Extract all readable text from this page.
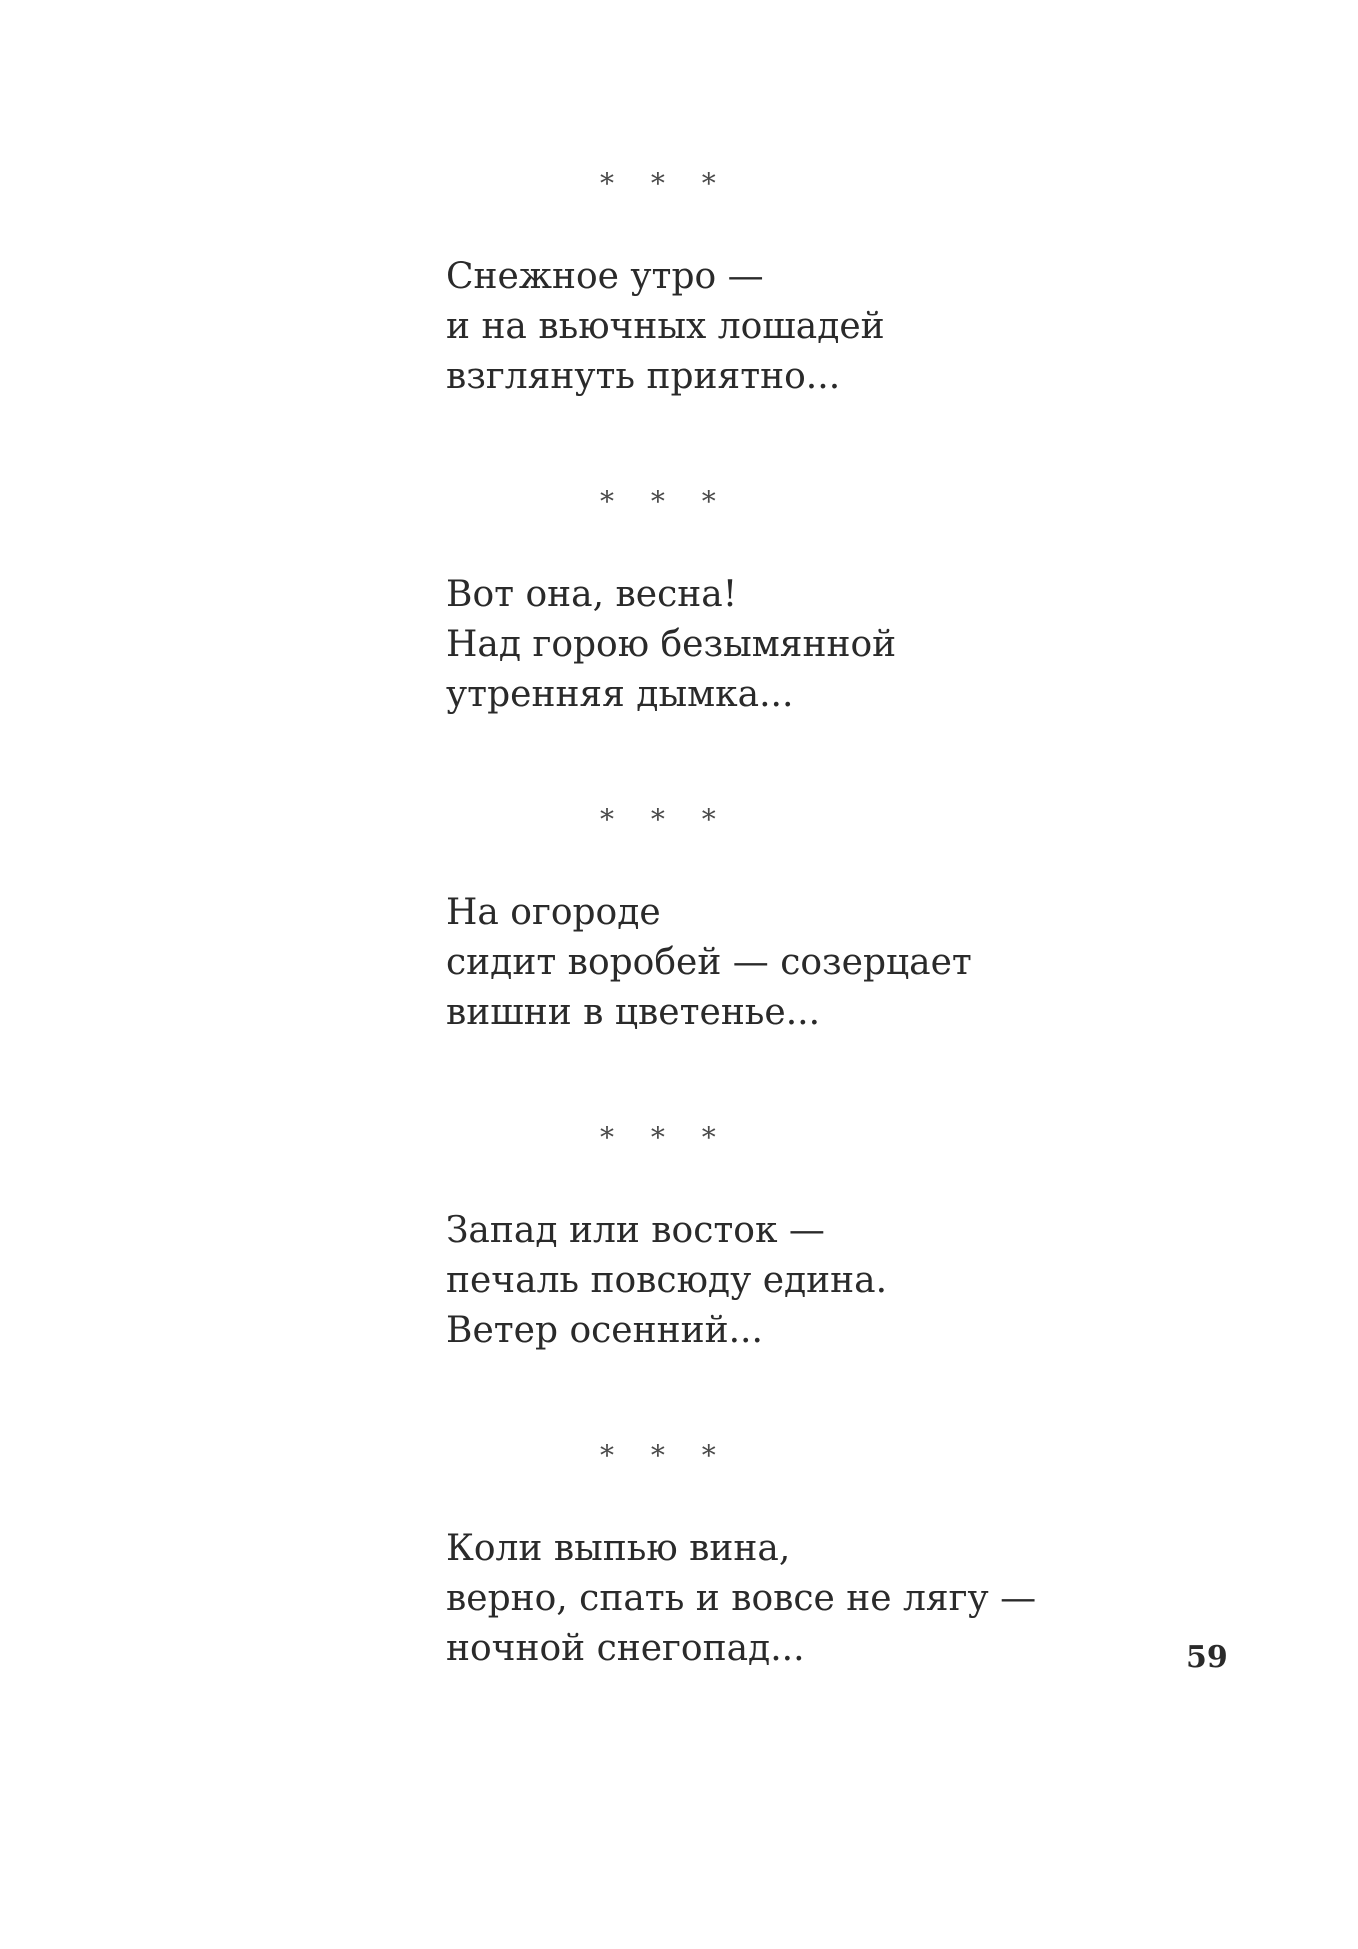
* * *
Снежное утро —
и на вьючных лошадей
взглянуть приятно...
* * *
Вот она, весна!
Над горою безымянной
утренняя дымка...
* * *
На огороде
сидит воробей — созерцает
вишни в цветенье...
* * *
Запад или восток —
печаль повсюду едина.
Ветер осенний...
* * *
Коли выпью вина,
верно, спать и вовсе не лягу —
ночной снегопад...	59
